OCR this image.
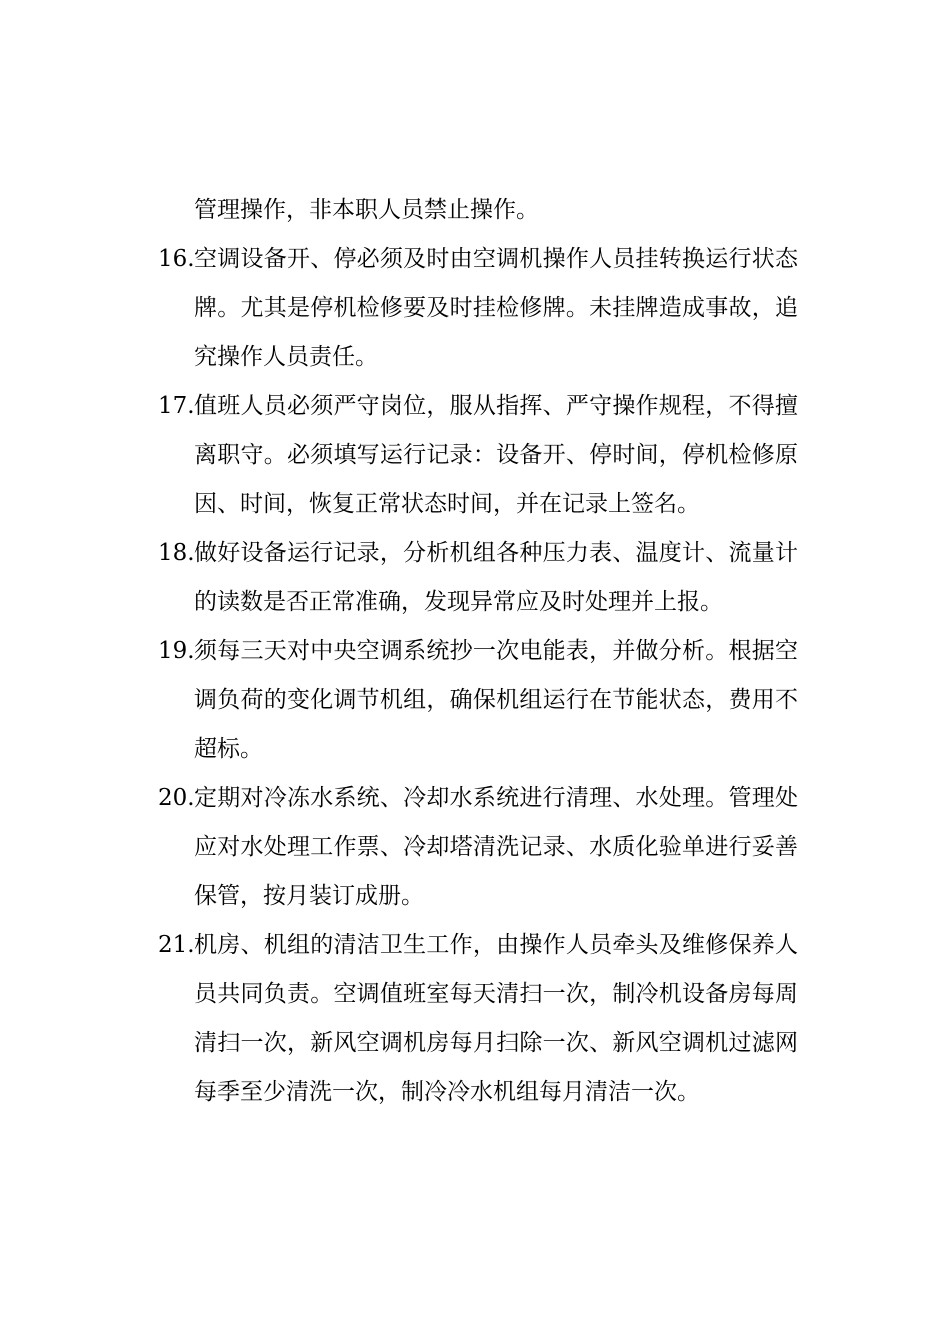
管理操作，非本职人员禁止操作。
16. 空调设备开、停必须及时由空调机操作人员挂转换运行状态牌。尤其是停机检修要及时挂检修牌。未挂牌造成事故，追究操作人员责任。
17. 值班人员必须严守岗位，服从指挥、严守操作规程，不得擅离职守。必须填写运行记录：设备开、停时间，停机检修原因、时间，恢复正常状态时间，并在记录上签名。
18. 做好设备运行记录，分析机组各种压力表、温度计、流量计的读数是否正常准确，发现异常应及时处理并上报。
19. 须每三天对中央空调系统抄一次电能表，并做分析。根据空调负荷的变化调节机组，确保机组运行在节能状态，费用不超标。
20. 定期对冷冻水系统、冷却水系统进行清理、水处理。管理处应对水处理工作票、冷却塔清洗记录、水质化验单进行妥善保管，按月装订成册。
21. 机房、机组的清洁卫生工作，由操作人员牵头及维修保养人员共同负责。空调值班室每天清扫一次，制冷机设备房每周清扫一次，新风空调机房每月扫除一次、新风空调机过滤网每季至少清洗一次，制冷冷水机组每月清洁一次。
